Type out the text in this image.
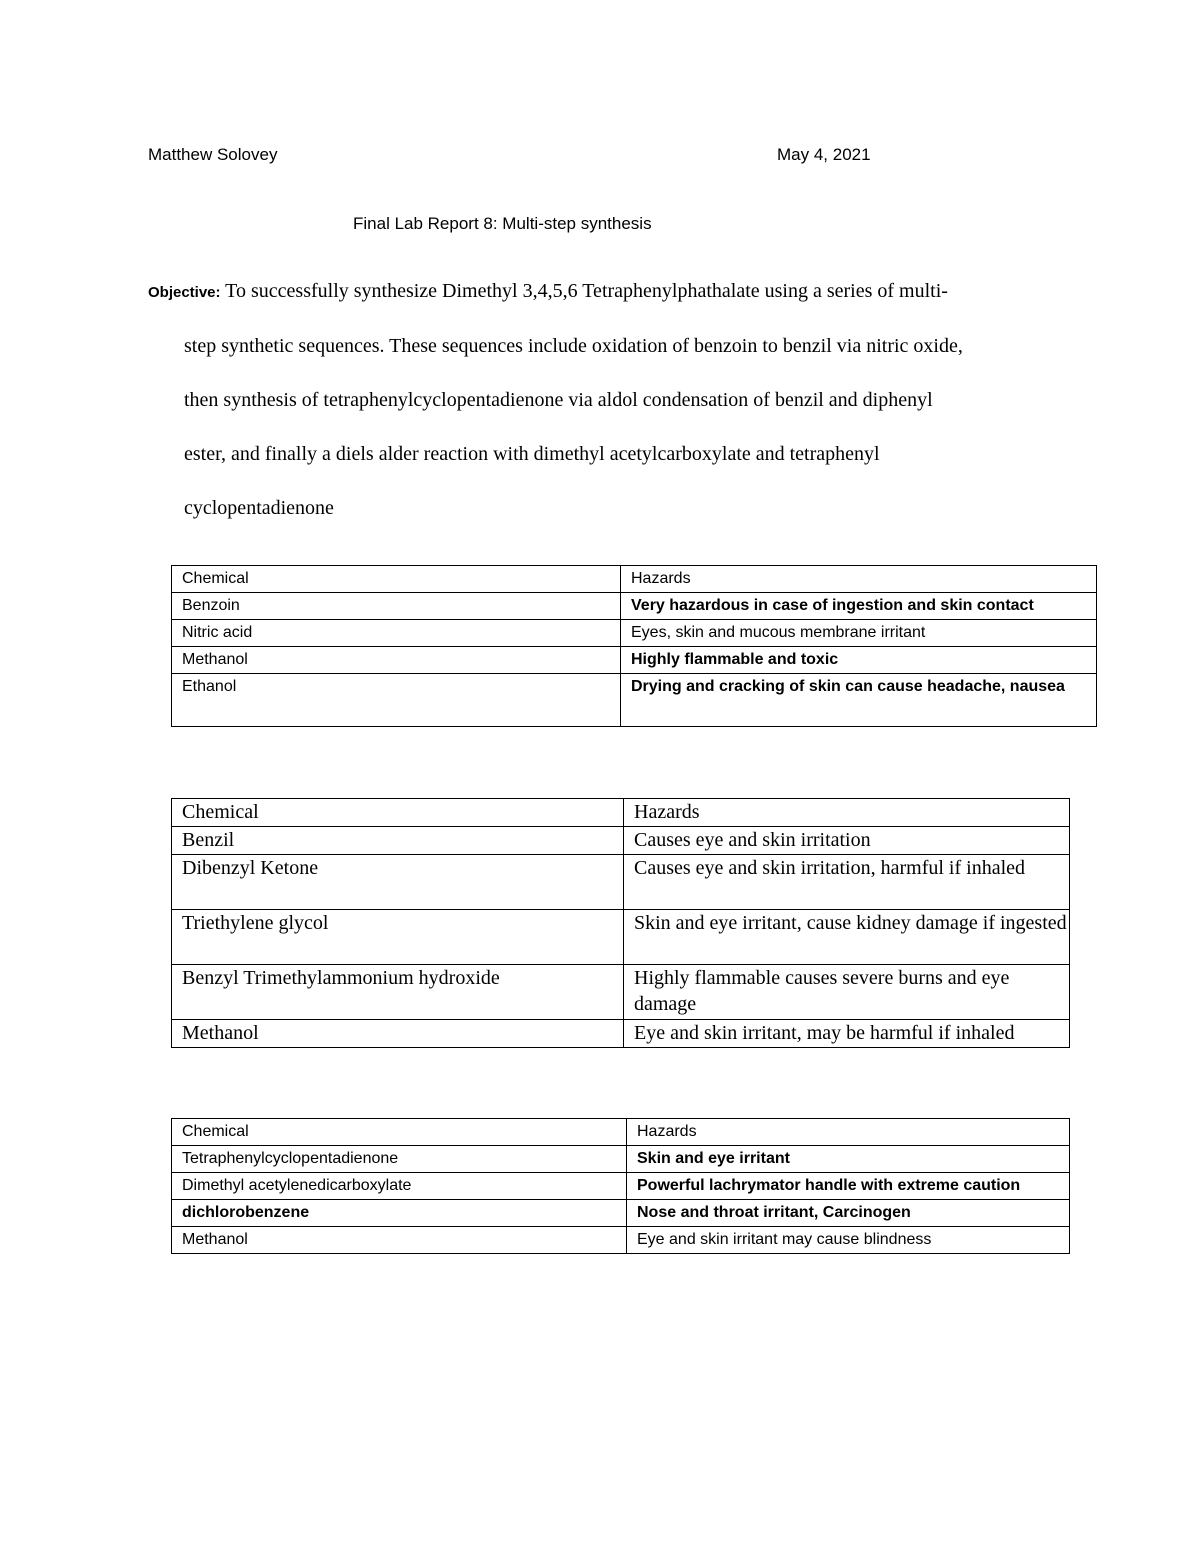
Matthew Solovey	May 4, 2021
Final Lab Report 8: Multi-step synthesis
Objective: To successfully synthesize Dimethyl 3,4,5,6 Tetraphenylphathalate using a series of multi-
step synthetic sequences. These sequences include oxidation of benzoin to benzil via nitric oxide,
then synthesis of tetraphenylcyclopentadienone via aldol condensation of benzil and diphenyl
ester, and finally a diels alder reaction with dimethyl acetylcarboxylate and tetraphenyl
cyclopentadienone
Chemical	Hazards
Benzoin	Very hazardous in case of ingestion and skin contact
Nitric acid	Eyes, skin and mucous membrane irritant
Methanol	Highly flammable and toxic
Ethanol	Drying and cracking of skin can cause headache, nausea
Chemical	Hazards
Benzil	Causes eye and skin irritation
Dibenzyl Ketone	Causes eye and skin irritation, harmful if inhaled
Triethylene glycol	Skin and eye irritant, cause kidney damage if ingested
Benzyl Trimethylammonium hydroxide	Highly flammable causes severe burns and eye damage
Methanol	Eye and skin irritant, may be harmful if inhaled
Chemical	Hazards
Tetraphenylcyclopentadienone	Skin and eye irritant
Dimethyl acetylenedicarboxylate	Powerful lachrymator handle with extreme caution
dichlorobenzene	Nose and throat irritant, Carcinogen
Methanol	Eye and skin irritant may cause blindness
